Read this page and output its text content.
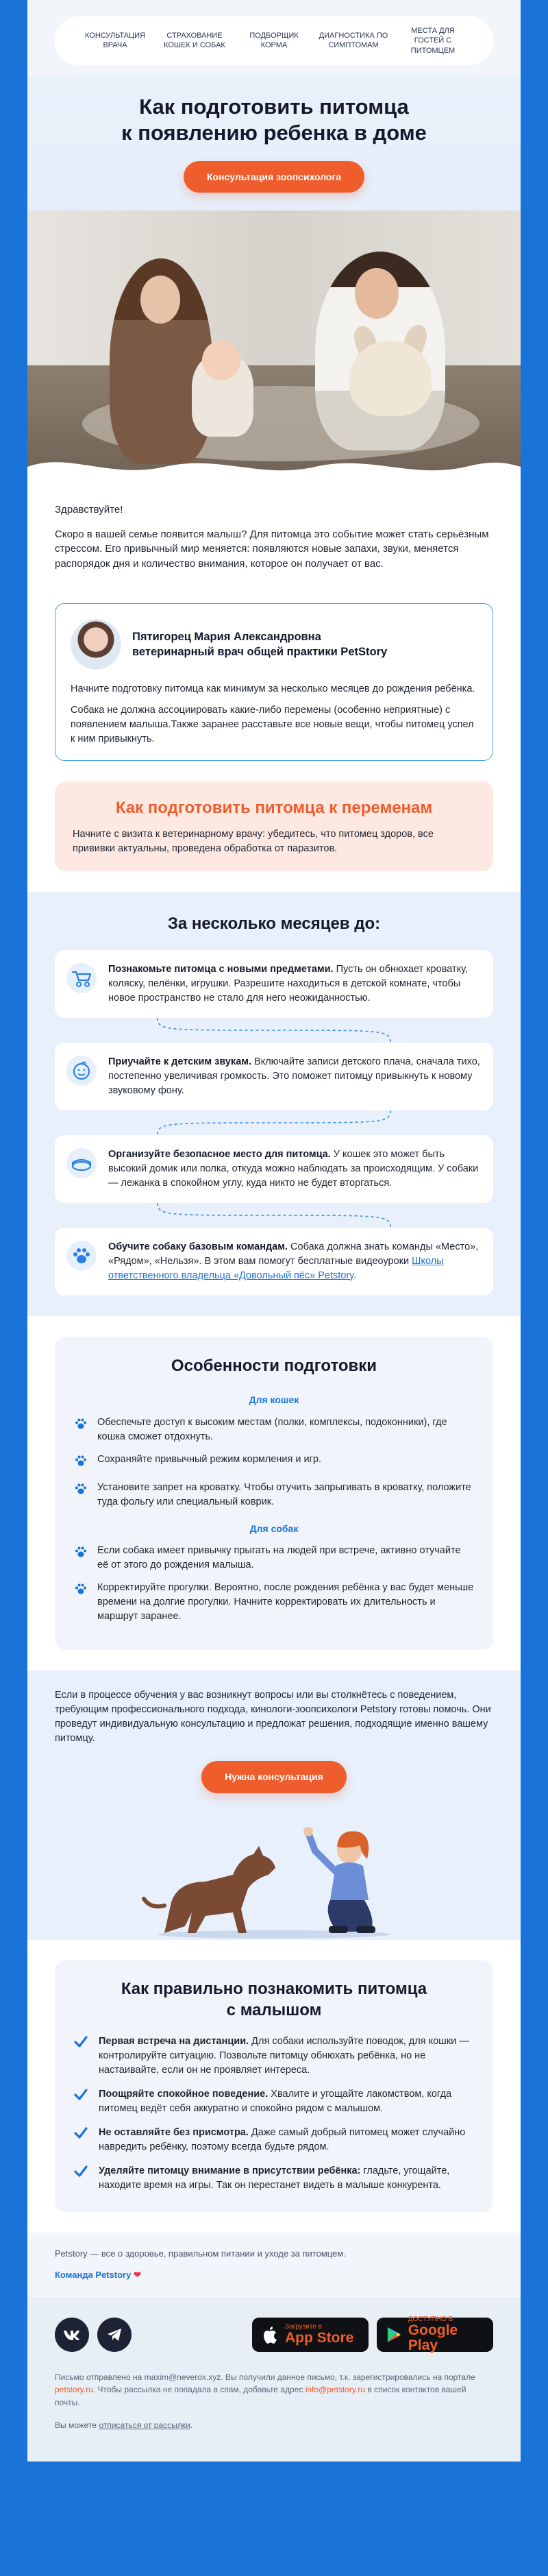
КОНСУЛЬТАЦИЯ ВРАЧА
СТРАХОВАНИЕ КОШЕК И СОБАК
ПОДБОРЩИК КОРМА
ДИАГНОСТИКА ПО СИМПТОМАМ
МЕСТА ДЛЯ ГОСТЕЙ С ПИТОМЦЕМ
Как подготовить питомца
к появлению ребенка в доме
Консультация зоопсихолога

Здравствуйте!

Скоро в вашей семье появится малыш? Для питомца это событие может стать серьёзным стрессом. Его привычный мир меняется: появляются новые запахи, звуки, меняется распорядок дня и количество внимания, которое он получает от вас.

Пятигорец Мария Александровна
ветеринарный врач общей практики PetStory

Начните подготовку питомца как минимум за несколько месяцев до рождения ребёнка.

Собака не должна ассоциировать какие-либо перемены (особенно неприятные) с появлением малыша.Также заранее расставьте все новые вещи, чтобы питомец успел к ним привыкнуть.

Как подготовить питомца к переменам

Начните с визита к ветеринарному врачу: убедитесь, что питомец здоров, все прививки актуальны, проведена обработка от паразитов.

За несколько месяцев до:
Познакомьте питомца с новыми предметами. Пусть он обнюхает кроватку, коляску, пелёнки, игрушки. Разрешите находиться в детской комнате, чтобы новое пространство не стало для него неожиданностью.
Приучайте к детским звукам. Включайте записи детского плача, сначала тихо, постепенно увеличивая громкость. Это поможет питомцу привыкнуть к новому звуковому фону.
Организуйте безопасное место для питомца. У кошек это может быть высокий домик или полка, откуда можно наблюдать за происходящим. У собаки — лежанка в спокойном углу, куда никто не будет вторгаться.
Обучите собаку базовым командам. Собака должна знать команды «Место», «Рядом», «Нельзя». В этом вам помогут бесплатные видеоуроки Школы ответственного владельца «Довольный пёс» Petstory.
Особенности подготовки
Для кошек
Обеспечьте доступ к высоким местам (полки, комплексы, подоконники), где кошка сможет отдохнуть.
Сохраняйте привычный режим кормления и игр.
Установите запрет на кроватку. Чтобы отучить запрыгивать в кроватку, положите туда фольгу или специальный коврик.
Для собак
Если собака имеет привычку прыгать на людей при встрече, активно отучайте её от этого до рождения малыша.
Корректируйте прогулки. Вероятно, после рождения ребёнка у вас будет меньше времени на долгие прогулки. Начните корректировать их длительность и маршрут заранее.

Если в процессе обучения у вас возникнут вопросы или вы столкнётесь с поведением, требующим профессионального подхода, кинологи-зоопсихологи Petstory готовы помочь. Они проведут индивидуальную консультацию и предложат решения, подходящие именно вашему питомцу.

Нужна консультация
Как правильно познакомить питомца
с малышом
Первая встреча на дистанции. Для собаки используйте поводок, для кошки — контролируйте ситуацию. Позвольте питомцу обнюхать ребёнка, но не настаивайте, если он не проявляет интереса.
Поощряйте спокойное поведение. Хвалите и угощайте лакомством, когда питомец ведёт себя аккуратно и спокойно рядом с малышом.
Не оставляйте без присмотра. Даже самый добрый питомец может случайно навредить ребёнку, поэтому всегда будьте рядом.
Уделяйте питомцу внимание в присутствии ребёнка: гладьте, угощайте, находите время на игры. Так он перестанет видеть в малыше конкурента.
Petstory — все о здоровье, правильном питании и уходе за питомцем.
Команда Petstory ❤
Загрузите в
App Store
ДОСТУПНО В
Google Play

Письмо отправлено на maxim@neverox.xyz. Вы получили данное письмо, т.к. зарегистрировались на портале petstory.ru. Чтобы рассылка не попадала в спам, добавьте адрес info@petstory.ru в список контактов вашей почты.

Вы можете отписаться от рассылки.
